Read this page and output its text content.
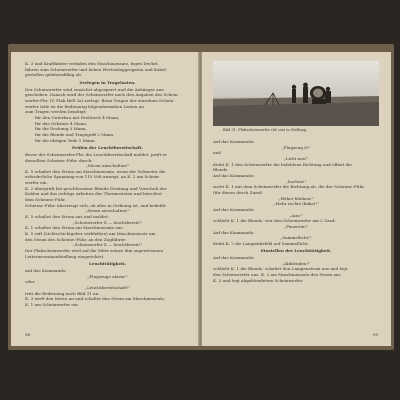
K. 3 und Kraftfahrer verladen den Maschinensatz, legen Deckel,

führen zum Scheinwerfer und heben Wechselaggregaten und Kabel-

gestellen gefahrenfähig ab.

Zerlegen in Tragelasten.

Der Scheinwerfer wird zunächst abgesperrt und die Anhänger aus-

geschoben. Danach wird der Scheinwerfer nach den Angaben des Schein-

werfer-Fhr. (V. Flak Hell 3a) zerlegt. Beim Tragen der einzelnen Schein-

werfer teile ist die Bedienung folgendermaßen Lasten an

zum Tragen werden benötigt:

für den Unterbau mit Drehtisch 4 Mann,

für das Gehäuse 4 Mann,

für die Deckung 3 Mann,

für die Blende und Tragegriff 2 Mann,

für die übrigen Teile 1 Mann.

Prüfen der Leuchtbereitschaft.

Bevor der Scheinwerfer-Fhr. die Leuchtbereitschaft meldet, prüft er

desselben Scheinw.-Führ. durch:

„Strom einschalten!"

K. 5 schaltet den Strom am Maschinensatz, wenn der Voltmeter die

erforderliche Spannung von 110 Volt anzeigt, an K. 2 am Schein-

werfer ein.

K. 2 überprüft bei geschlossener Blende Deckung und Vorschub der

Kohlen und das richtige Arbeiten des Thermostaten und berichtet

dem Scheinw.-Führ.

Scheinw.-Führ. überzeugt sich, ob alles in Ordnung ist, und befiehlt:

„Strom ausschalten!"

K. 5 schaltet den Strom aus und meldet:

„Scheinwerfer X — leuchtbereit!"

K. 1 schaltet den Strom am Maschinensatz aus.

K. 5 ruft (Lichtschichtgeber verbleiben) am Maschinensatz um

den Strom des Scheinw.-Führ. an den Zugführer:

„Scheinwerfer X — leuchtbereit!"

Der Flakscheinwerfer wird auf die Mitte seines ihm zugewiesenen

Leitermessunaufstellung eingerichtet.

Leuchttätigkeit.

Auf das Kommando:

„Flugzeuge alarm!"

oder

„Leuchtbereitschaft!"

tritt die Bedienung nach Bild 31 an.

K. 3 wirft den Motor an und schaltet den Strom am Maschinensatz,

K. 1 am Scheinwerfer ein.

98
Bild 31. Flakscheinwerfer (60 cm) in Stellung.

Auf das Kommando:

„Flugzeug 8!"

und

„Licht aus!"

dreht K. 1 den Scheinwerfer die befohlene Richtung und öffnet die

Blende.

Auf das Kommando:

„Suchen!"

sucht K. 1 mit dem Scheinwerfer die Richtung ab, die der Scheinw.-Führ.

(für dieses durch Zuruf:

„Höher bleiben!"

„Mehr rechts (links)!"

Auf das Kommando:

„Aus!"

schließt K. 1 die Blende, wer den Scheinwerfer um 2 Grad:

„Feuerein!"

Auf das Kommando:

„Sammellicht!"

dreht K. 2 die Lampenbefehl auf Sammellicht.

Einstellen der Leuchttätigkeit.

Auf das Kommando:

„Abblenden!"

schließt K. 1 die Blende, schaltet den Lampenstrom aus und legt

den Scheinwerfer aus. K. 2 am Maschinensatz den Strom aus

K. 3 und legt abgeblendetem Scheinwerfer.

99
